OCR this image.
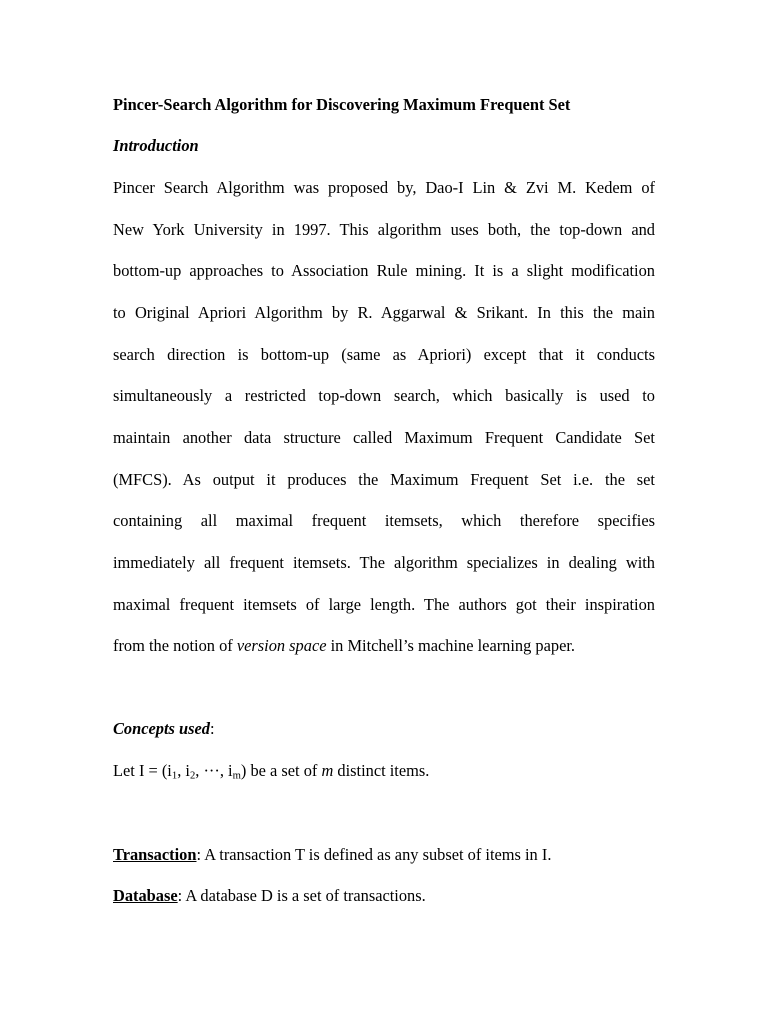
Pincer-Search Algorithm for Discovering Maximum Frequent Set
Introduction
Pincer Search Algorithm was proposed by, Dao-I Lin & Zvi M. Kedem of
New York University in 1997. This algorithm uses both, the top-down and
bottom-up approaches to Association Rule mining. It is a slight modification
to Original Apriori Algorithm by R. Aggarwal & Srikant. In this the main
search direction is bottom-up (same as Apriori) except that it conducts
simultaneously a restricted top-down search, which basically is used to
maintain another data structure called Maximum Frequent Candidate Set
(MFCS). As output it produces the Maximum Frequent Set i.e. the set
containing all maximal frequent itemsets, which therefore specifies
immediately all frequent itemsets. The algorithm specializes in dealing with
maximal frequent itemsets of large length. The authors got their inspiration
from the notion of version space in Mitchell’s machine learning paper.
Concepts used:
Let $I = (i_1$, $i_2$, ···, $i_m$) be a set of m distinct items.
Transaction: A transaction T is defined as any subset of items in I.
Database: A database D is a set of transactions.
